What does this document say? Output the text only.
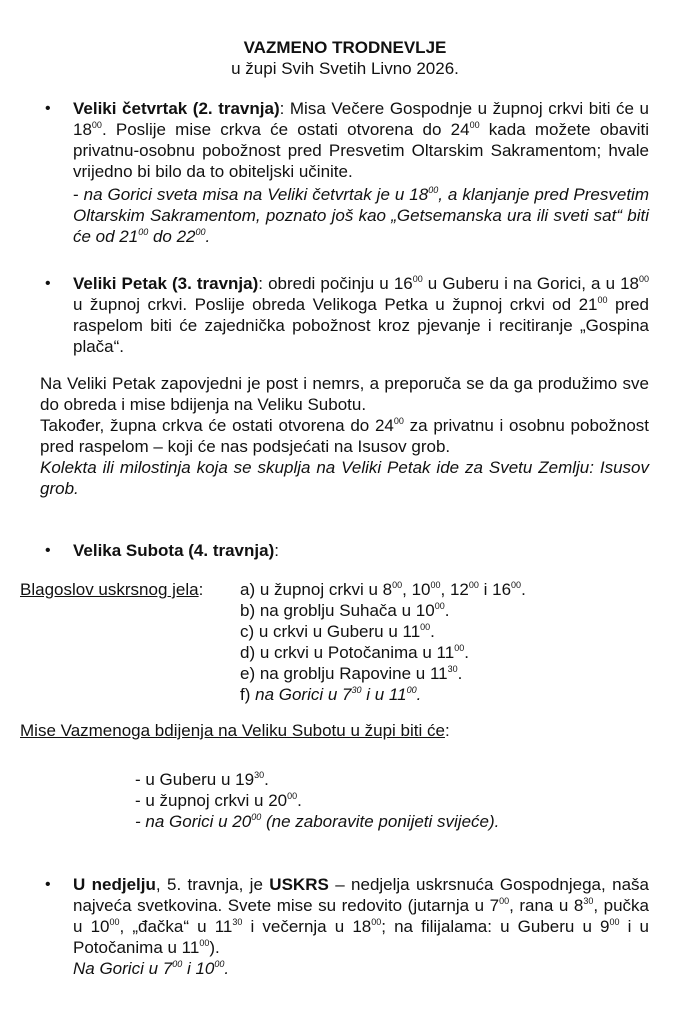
VAZMENO TRODNEVLJE
u župi Svih Svetih Livno 2026.
• Veliki četvrtak (2. travnja): Misa Večere Gospodnje u župnoj crkvi biti će u $18^{00}$. Poslije mise crkva će ostati otvorena do $24^{00}$ kada možete obaviti privatnu-osobnu pobožnost pred Presvetim Oltarskim Sakramentom; hvale vrijedno bi bilo da to obiteljski učinite.
- na Gorici sveta misa na Veliki četvrtak je u $18^{00}$, a klanjanje pred Presvetim Oltarskim Sakramentom, poznato još kao „Getsemanska ura ili sveti sat“ biti će od $21^{00}$ do $22^{00}$.
• Veliki Petak (3. travnja): obredi počinju u $16^{00}$ u Guberu i na Gorici, a u $18^{00}$ u župnoj crkvi. Poslije obreda Velikoga Petka u župnoj crkvi od $21^{00}$ pred raspelom biti će zajednička pobožnost kroz pjevanje i recitiranje „Gospina plača“.
Na Veliki Petak zapovjedni je post i nemrs, a preporuča se da ga produžimo sve do obreda i mise bdijenja na Veliku Subotu.
Također, župna crkva će ostati otvorena do $24^{00}$ za privatnu i osobnu pobožnost pred raspelom – koji će nas podsjećati na Isusov grob.
Kolekta ili milostinja koja se skuplja na Veliki Petak ide za Svetu Zemlju: Isusov grob.
• Velika Subota (4. travnja):
Blagoslov uskrsnog jela: a) u župnoj crkvi u $8^{00}$, $10^{00}$, $12^{00}$ i $16^{00}$.
b) na groblju Suhača u $10^{00}$.
c) u crkvi u Guberu u $11^{00}$.
d) u crkvi u Potočanima u $11^{00}$.
e) na groblju Rapovine u $11^{30}$.
f) na Gorici u $7^{30}$ i u $11^{00}$.
Mise Vazmenoga bdijenja na Veliku Subotu u župi biti će:
- u Guberu u $19^{30}$.
- u župnoj crkvi u $20^{00}$.
- na Gorici u $20^{00}$ (ne zaboravite ponijeti svijeće).
• U nedjelju, 5. travnja, je USKRS – nedjelja uskrsnuća Gospodnjega, naša najveća svetkovina. Svete mise su redovito (jutarnja u $7^{00}$, rana u $8^{30}$, pučka u $10^{00}$, „đačka“ u $11^{30}$ i večernja u $18^{00}$; na filijalama: u Guberu u $9^{00}$ i u Potočanima u $11^{00}$).
Na Gorici u $7^{00}$ i $10^{00}$.
